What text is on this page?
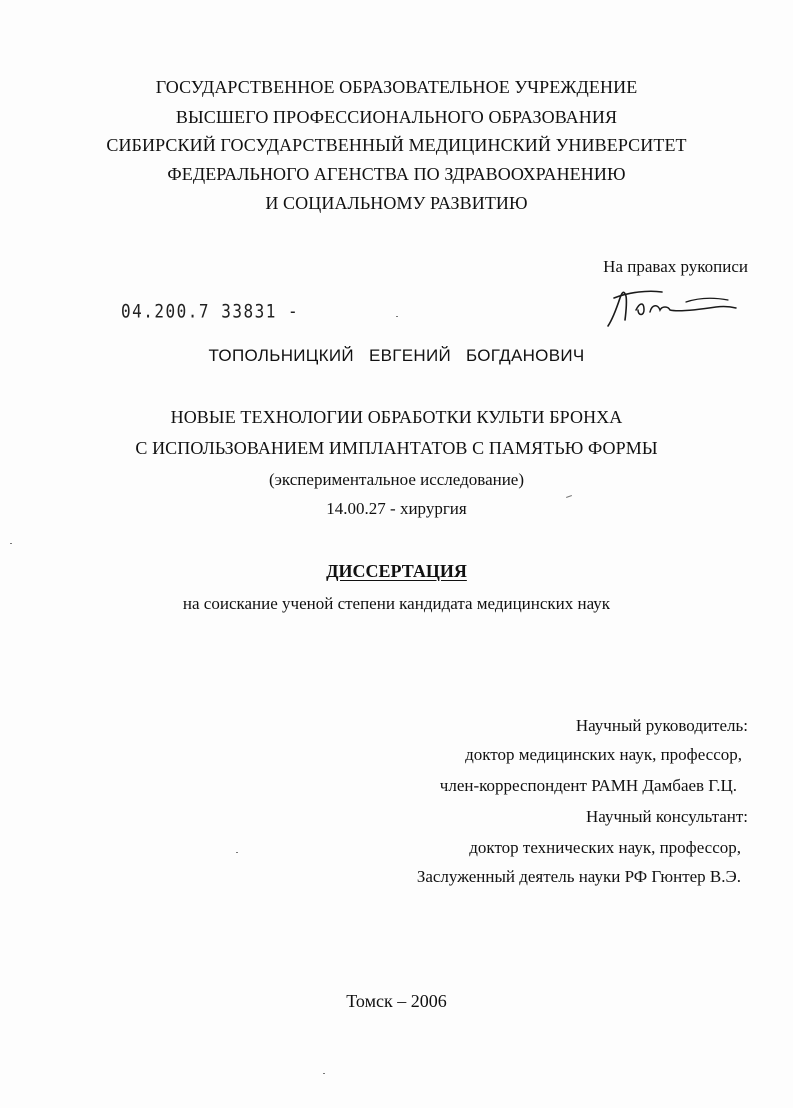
ГОСУДАРСТВЕННОЕ ОБРАЗОВАТЕЛЬНОЕ УЧРЕЖДЕНИЕ
ВЫСШЕГО ПРОФЕССИОНАЛЬНОГО ОБРАЗОВАНИЯ
СИБИРСКИЙ ГОСУДАРСТВЕННЫЙ МЕДИЦИНСКИЙ УНИВЕРСИТЕТ
ФЕДЕРАЛЬНОГО АГЕНСТВА ПО ЗДРАВООХРАНЕНИЮ
И СОЦИАЛЬНОМУ РАЗВИТИЮ
На правах рукописи
04.200.7 33831 -
ТОПОЛЬНИЦКИЙ ЕВГЕНИЙ БОГДАНОВИЧ
НОВЫЕ ТЕХНОЛОГИИ ОБРАБОТКИ КУЛЬТИ БРОНХА
С ИСПОЛЬЗОВАНИЕМ ИМПЛАНТАТОВ С ПАМЯТЬЮ ФОРМЫ
(экспериментальное исследование)
14.00.27 - хирургия
ДИССЕРТАЦИЯ
на соискание ученой степени кандидата медицинских наук
Научный руководитель:
доктор медицинских наук, профессор,
член-корреспондент РАМН Дамбаев Г.Ц.
Научный консультант:
доктор технических наук, профессор,
Заслуженный деятель науки РФ Гюнтер В.Э.
Томск – 2006
